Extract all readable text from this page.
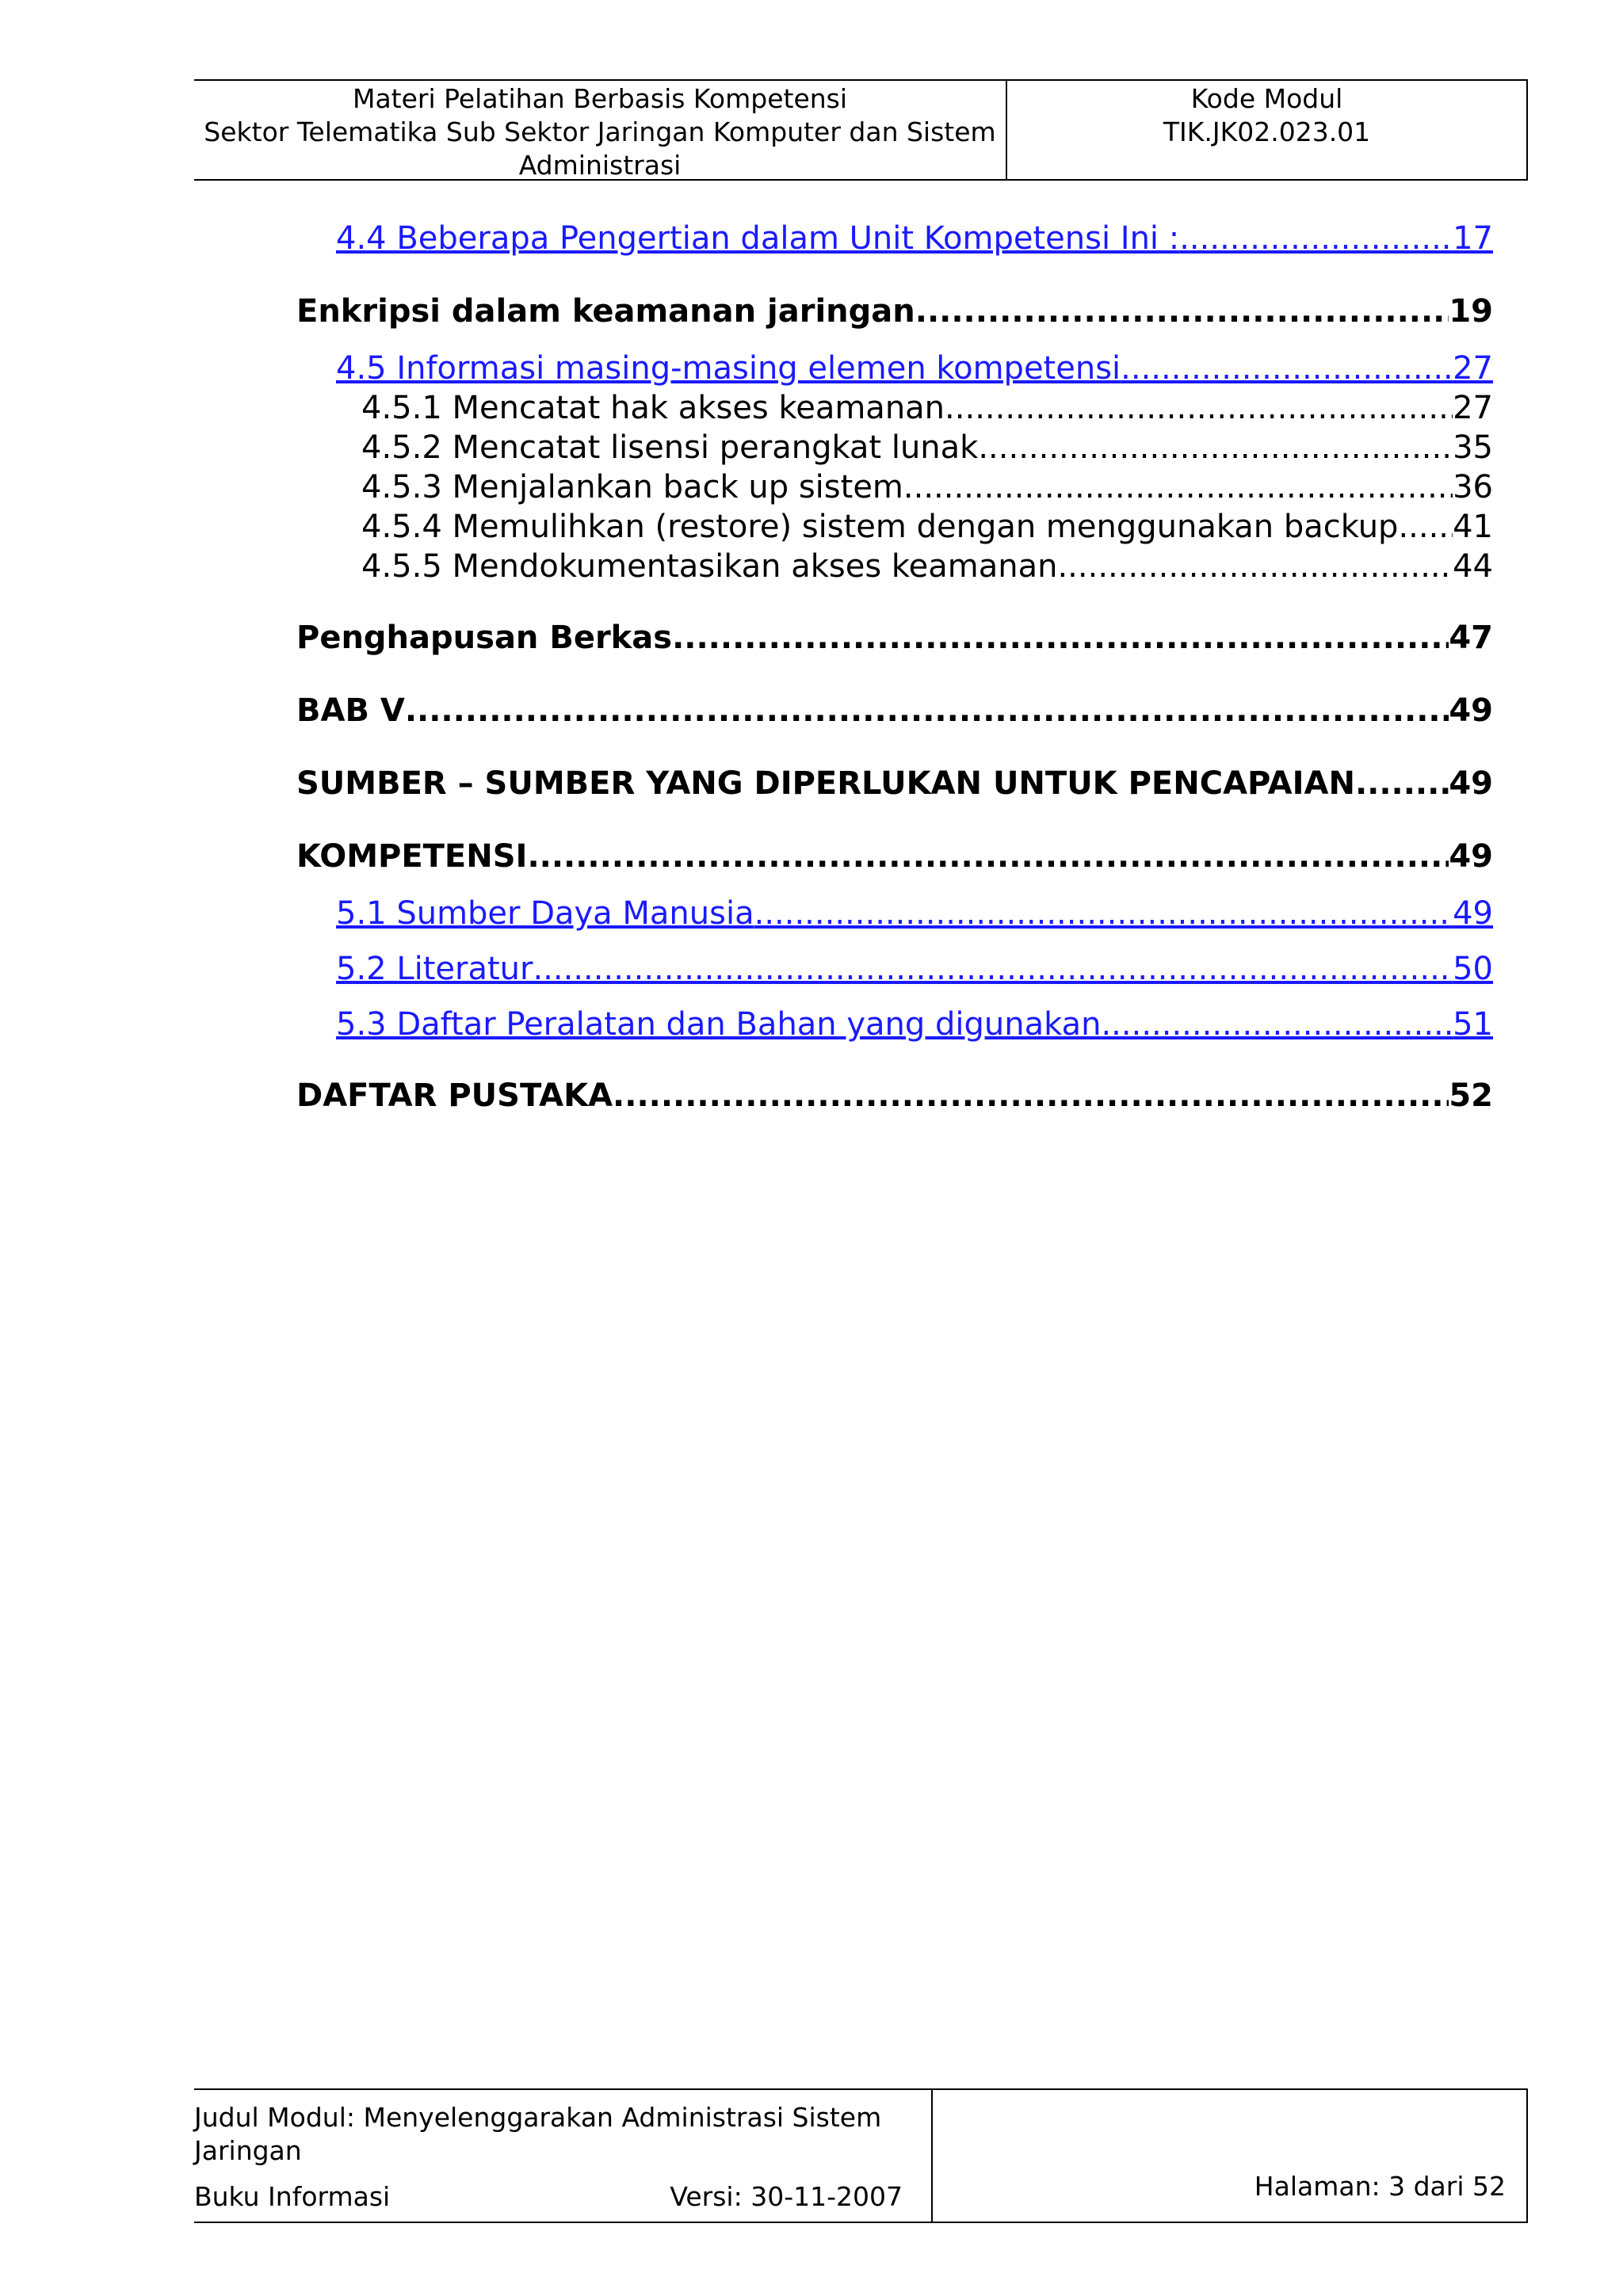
Materi Pelatihan Berbasis Kompetensi
Sektor Telematika Sub Sektor Jaringan Komputer dan Sistem
Administrasi
Kode Modul
TIK.JK02.023.01
4.4 Beberapa Pengertian dalam Unit Kompetensi Ini : .....	17
Enkripsi dalam keamanan jaringan .....	19
4.5 Informasi masing-masing elemen kompetensi .....	27
4.5.1 Mencatat hak akses keamanan .....	27
4.5.2 Mencatat lisensi perangkat lunak .....	35
4.5.3 Menjalankan back up sistem .....	36
4.5.4 Memulihkan (restore) sistem dengan menggunakan backup ..... 41
4.5.5 Mendokumentasikan akses keamanan .....	44
Penghapusan Berkas .....	47
BAB V .....	49
SUMBER – SUMBER YANG DIPERLUKAN UNTUK PENCAPAIAN .....	49
KOMPETENSI .....	49
5.1 Sumber Daya Manusia .....	49
5.2 Literatur .....	50
5.3 Daftar Peralatan dan Bahan yang digunakan .....	51
DAFTAR PUSTAKA .....	52
Judul Modul: Menyelenggarakan Administrasi Sistem Jaringan
Buku Informasi	Versi: 30-11-2007	Halaman: 3 dari 52
